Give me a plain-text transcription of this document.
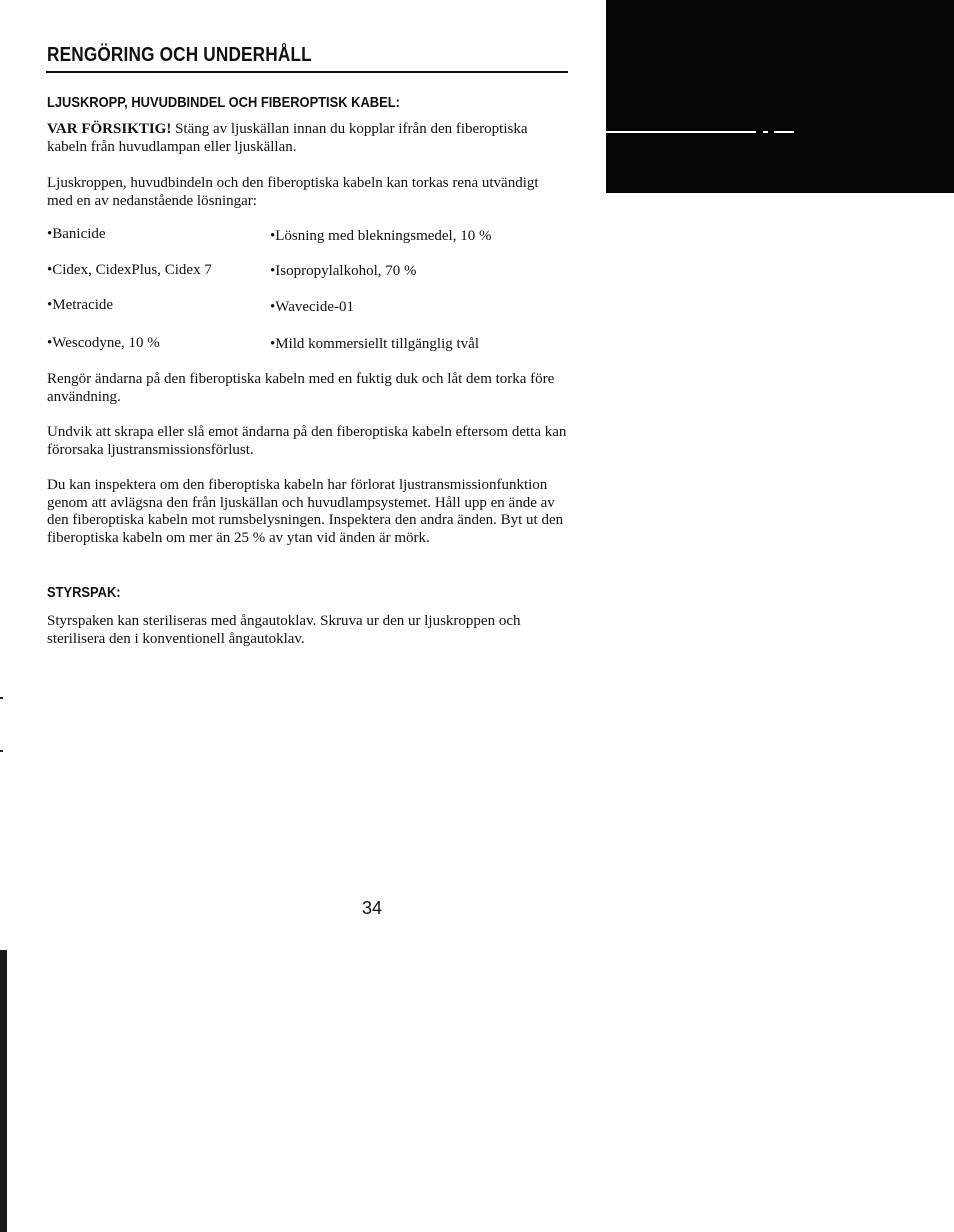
RENGÖRING OCH UNDERHÅLL
LJUSKROPP, HUVUDBINDEL OCH FIBEROPTISK KABEL:

VAR FÖRSIKTIG! Stäng av ljuskällan innan du kopplar ifrån den fiberoptiska kabeln från huvudlampan eller ljuskällan.

Ljuskroppen, huvudbindeln och den fiberoptiska kabeln kan torkas rena utvändigt med en av nedanstående lösningar:

•Banicide

•Cidex, CidexPlus, Cidex 7

•Metracide

•Wescodyne, 10 %

•Lösning med blekningsmedel, 10 %

•Isopropylalkohol, 70 %

•Wavecide-01

•Mild kommersiellt tillgänglig tvål

Rengör ändarna på den fiberoptiska kabeln med en fuktig duk och låt dem torka före användning.

Undvik att skrapa eller slå emot ändarna på den fiberoptiska kabeln eftersom detta kan förorsaka ljustransmissionsförlust.

Du kan inspektera om den fiberoptiska kabeln har förlorat ljustransmissionfunktion genom att avlägsna den från ljuskällan och huvudlampsystemet. Håll upp en ände av den fiberoptiska kabeln mot rumsbelysningen. Inspektera den andra änden. Byt ut den fiberoptiska kabeln om mer än 25 % av ytan vid änden är mörk.

STYRSPAK:

Styrspaken kan steriliseras med ångautoklav. Skruva ur den ur ljuskroppen och sterilisera den i konventionell ångautoklav.

34
